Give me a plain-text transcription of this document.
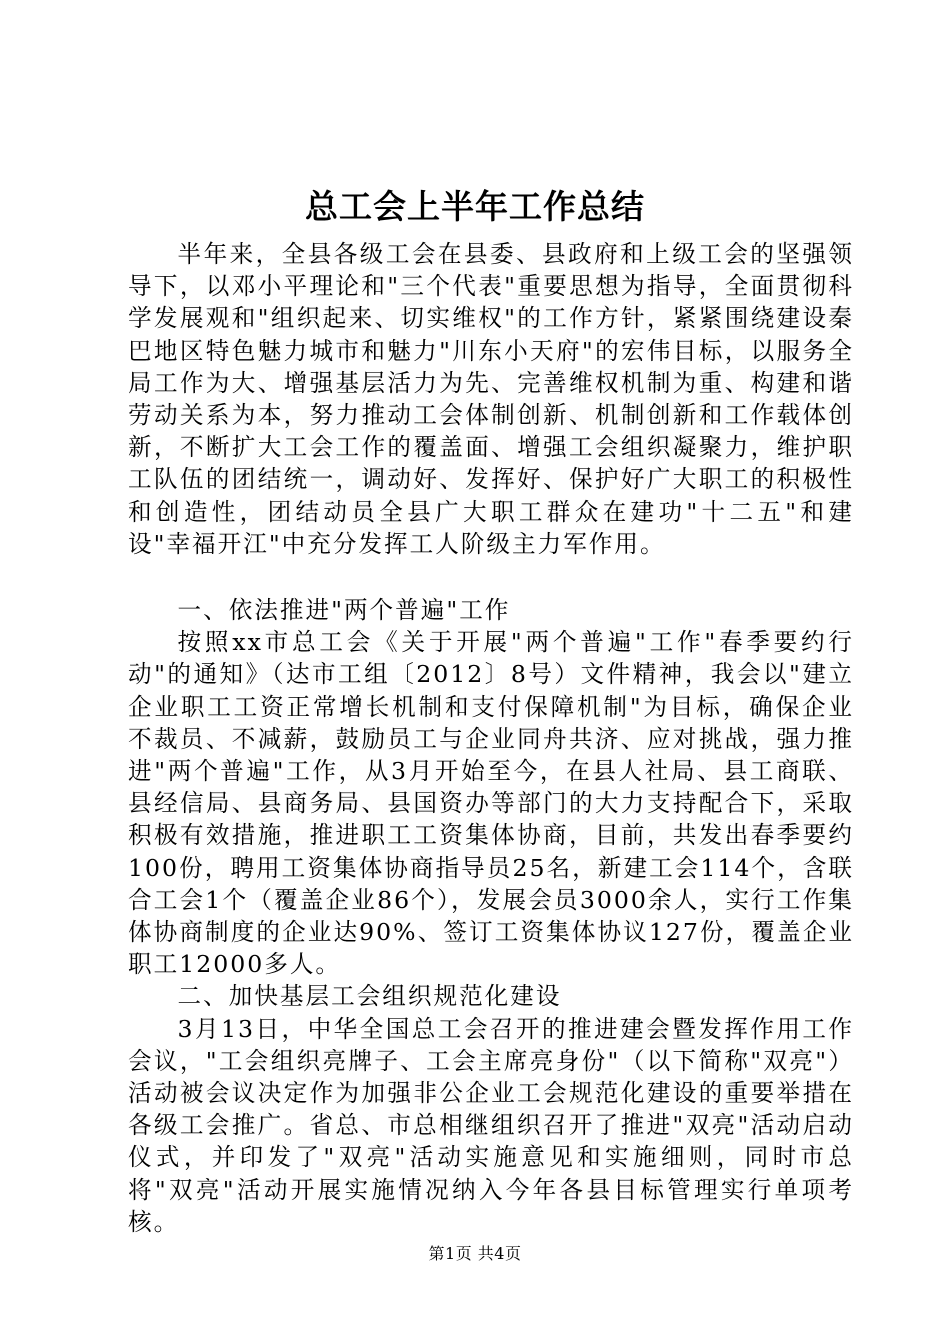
总工会上半年工作总结

半年来，全县各级工会在县委、县政府和上级工会的坚强领导下，以邓小平理论和"三个代表"重要思想为指导，全面贯彻科学发展观和"组织起来、切实维权"的工作方针，紧紧围绕建设秦巴地区特色魅力城市和魅力"川东小天府"的宏伟目标，以服务全局工作为大、增强基层活力为先、完善维权机制为重、构建和谐劳动关系为本，努力推动工会体制创新、机制创新和工作载体创新，不断扩大工会工作的覆盖面、增强工会组织凝聚力，维护职工队伍的团结统一，调动好、发挥好、保护好广大职工的积极性和创造性，团结动员全县广大职工群众在建功"十二五"和建设"幸福开江"中充分发挥工人阶级主力军作用。

一、依法推进"两个普遍"工作

按照xx市总工会《关于开展"两个普遍"工作"春季要约行动"的通知》（达市工组〔2012〕8号）文件精神，我会以"建立企业职工工资正常增长机制和支付保障机制"为目标，确保企业不裁员、不减薪，鼓励员工与企业同舟共济、应对挑战，强力推进"两个普遍"工作，从3月开始至今，在县人社局、县工商联、县经信局、县商务局、县国资办等部门的大力支持配合下，采取积极有效措施，推进职工工资集体协商，目前，共发出春季要约100份，聘用工资集体协商指导员25名，新建工会114个，含联合工会1个（覆盖企业86个），发展会员3000余人，实行工作集体协商制度的企业达90%、签订工资集体协议127份，覆盖企业职工12000多人。

二、加快基层工会组织规范化建设

3月13日，中华全国总工会召开的推进建会暨发挥作用工作会议，"工会组织亮牌子、工会主席亮身份"（以下简称"双亮"）活动被会议决定作为加强非公企业工会规范化建设的重要举措在各级工会推广。省总、市总相继组织召开了推进"双亮"活动启动仪式，并印发了"双亮"活动实施意见和实施细则，同时市总将"双亮"活动开展实施情况纳入今年各县目标管理实行单项考核。

第1页 共4页
